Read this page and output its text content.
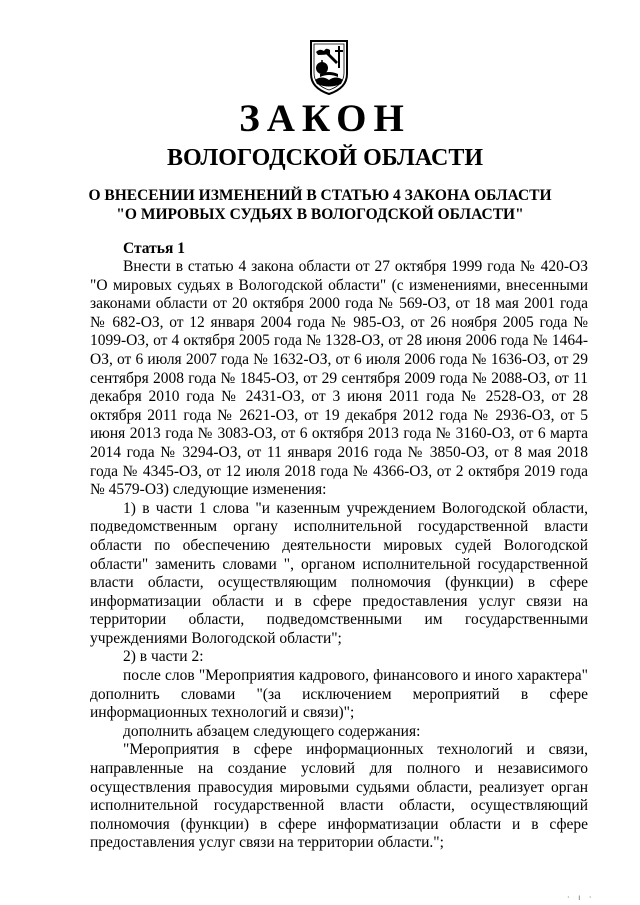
ЗАКОН
ВОЛОГОДСКОЙ ОБЛАСТИ
О ВНЕСЕНИИ ИЗМЕНЕНИЙ В СТАТЬЮ 4 ЗАКОНА ОБЛАСТИ
"О МИРОВЫХ СУДЬЯХ В ВОЛОГОДСКОЙ ОБЛАСТИ"
Статья 1

Внести в статью 4 закона области от 27 октября 1999 года № 420-ОЗ "О мировых судьях в Вологодской области" (с изменениями, внесенными законами области от 20 октября 2000 года № 569-ОЗ, от 18 мая 2001 года № 682-ОЗ, от 12 января 2004 года № 985-ОЗ, от 26 ноября 2005 года № 1099-ОЗ, от 4 октября 2005 года № 1328-ОЗ, от 28 июня 2006 года № 1464-ОЗ, от 6 июля 2007 года № 1632-ОЗ, от 6 июля 2006 года № 1636-ОЗ, от 29 сентября 2008 года № 1845-ОЗ, от 29 сентября 2009 года № 2088-ОЗ, от 11 декабря 2010 года № 2431-ОЗ, от 3 июня 2011 года № 2528-ОЗ, от 28 октября 2011 года № 2621-ОЗ, от 19 декабря 2012 года № 2936-ОЗ, от 5 июня 2013 года № 3083-ОЗ, от 6 октября 2013 года № 3160-ОЗ, от 6 марта 2014 года № 3294-ОЗ, от 11 января 2016 года № 3850-ОЗ, от 8 мая 2018 года № 4345-ОЗ, от 12 июля 2018 года № 4366-ОЗ, от 2 октября 2019 года № 4579-ОЗ) следующие изменения:

1) в части 1 слова "и казенным учреждением Вологодской области, подведомственным органу исполнительной государственной власти области по обеспечению деятельности мировых судей Вологодской области" заменить словами ", органом исполнительной государственной власти области, осуществляющим полномочия (функции) в сфере информатизации области и в сфере предоставления услуг связи на территории области, подведомственными им государственными учреждениями Вологодской области";

2) в части 2:

после слов "Мероприятия кадрового, финансового и иного характера" дополнить словами "(за исключением мероприятий в сфере информационных технологий и связи)";

дополнить абзацем следующего содержания:

"Мероприятия в сфере информационных технологий и связи, направленные на создание условий для полного и независимого осуществления правосудия мировыми судьями области, реализует орган исполнительной государственной власти области, осуществляющий полномочия (функции) в сфере информатизации области и в сфере предоставления услуг связи на территории области.";

· ı ·
